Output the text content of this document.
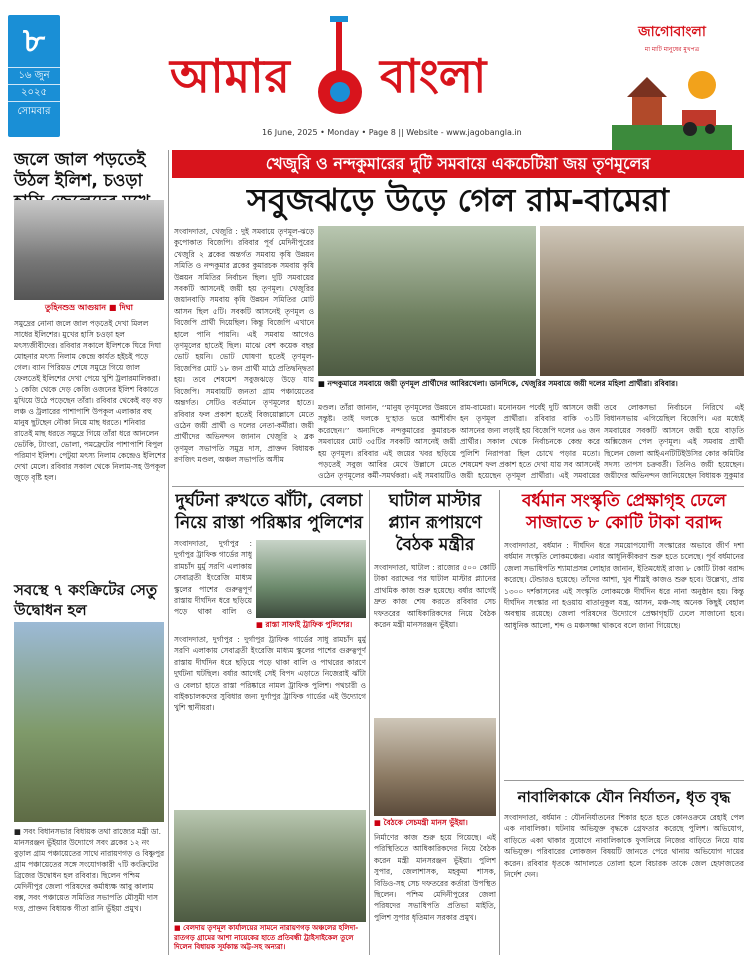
৮
১৬ জুন
২০২৫
সোমবার
আমার বাংলা
16 June, 2025 • Monday • Page 8 || Website - www.jagobangla.in
জাগোবাংলা
মা মাটি মানুষের মুখপত্র
জলে জাল পড়তেই উঠল ইলিশ, চওড়া
তুহিনশুভ্র আগুয়ান ■ দিঘা
সমুদ্রের নোনা জলে জাল পড়তেই দেখা মিলল সাধের ইলিশের। মুখের হাসি চওড়া হল মৎস্যজীবীদের। রবিবার সকালে ইলিশকে ঘিরে দিঘা মোহনার মৎস্য নিলাম কেন্দ্রে কার্যত হইচই পড়ে গেল। ব্যান পিরিয়ড শেষে সমুদ্রে গিয়ে জাল ফেলতেই ইলিশের দেখা পেয়ে খুশি ট্রলারমালিকরা। ১ কেজি থেকে দেড় কেজি ওজনের ইলিশ বিকাতে মুখিয়ে উঠে পড়েছেন তাঁরা। রবিবার থেকেই বড় বড় লঞ্চ ও ট্রলারের পাশাপাশি উপকূল এলাকার বহু মানুষ ছুটছেন নৌকা নিয়ে মাছ ধরতে। শনিবার রাতেই মাছ ধরতে সমুদ্রে গিয়ে তাঁরা ধরে আনলেন ভেটকি, ট্যাংরা, ভোলা, পমফ্রেটের পাশাপাশি বিপুল পরিমাণ ইলিশ। পেটুয়া মৎস্য নিলাম কেন্দ্রেও ইলিশের দেখা মেলে। রবিবার সকাল থেকে নিলাম-সহ উপকূল জুড়ে বৃষ্টি হল।
সবস্থে ৭ কংক্রিটের সেতু উদ্বোধন হল
■ সবং বিধানসভার বিধায়ক তথা রাজ্যের মন্ত্রী ডা. মানসরঞ্জন ভুঁইয়ার উদ্যোগে সবং ব্লকের ১২ নং বুড়াল গ্রাম পঞ্চায়েতের সাথে নারায়ণগড় ও বিষ্ণুপুর গ্রাম পঞ্চায়েতের সঙ্গে সংযোগকারী ৭টি কংক্রিটের ব্রিজের উদ্বোধন হল রবিবার। ছিলেন পশ্চিম মেদিনীপুর জেলা পরিষদের কর্মাধ্যক্ষ আবু কালাম বক্স, সবং পঞ্চায়েত সমিতির সভাপতি মৌসুমী দাস দত্ত, প্রাক্তন বিধায়ক গীতা রানি ভুঁইয়া প্রমুখ।
খেজুরি ও নন্দকুমারের দুটি সমবায়ে একচেটিয়া জয় তৃণমূলের
সবুজঝড়ে উড়ে গেল রাম-বামেরা
সংবাদদাতা, খেজুরি : দুই সমবায়ে তৃণমূল-ঝড়ে কুপোকাত বিজেপি। রবিবার পূর্ব মেদিনীপুরের খেজুরি ২ ব্লকের অন্তর্গত সমবায় কৃষি উন্নয়ন সমিতি ও নন্দকুমার ব্লকের কুমারচক সমবায় কৃষি উন্নয়ন সমিতির নির্বাচন ছিল। দুটি সমবায়ের সবকটি আসনেই জয়ী হয় তৃণমূল। খেজুরির জয়ানবাড়ি সমবায় কৃষি উন্নয়ন সমিতির মোট আসন ছিল ৫টি। সবকটি আসনেই তৃণমূল ও বিজেপি প্রার্থী দিয়েছিল। কিন্তু বিজেপি এখানে হালে পানি পায়নি। এই সমবায় আগেও তৃণমূলের হাতেই ছিল। মাঝে বেশ কয়েক বছর ভোট হয়নি। ভোট ঘোষণা হতেই তৃণমূল-বিজেপির মোট ১৮ জন প্রার্থী মাঠে প্রতিদ্বন্দ্বিতা হয়। তবে শেষমেশ সবুজঝড়ে উড়ে যায় বিজেপি। সমবায়টি জনতা গ্রাম পঞ্চায়েতের অন্তর্গত। সেটিও বর্তমানে তৃণমূলের হাতে। রবিবার ফল প্রকাশ হতেই বিজয়োল্লাসে মেতে ওঠেন জয়ী প্রার্থী ও দলের নেতা-কর্মীরা। জয়ী প্রার্থীদের অভিনন্দন জানান খেজুরি ২ ব্লক তৃণমূল সভাপতি সমুদ্র দাস, প্রাক্তন বিধায়ক রণজিৎ মণ্ডল, অঞ্চল সভাপতি অসীম
■ নন্দকুমারে সমবায়ে জয়ী তৃণমূল প্রার্থীদের আবিরখেলা। ডানদিকে, খেজুরির সমবায়ে জয়ী দলের মহিলা প্রার্থীরা। রবিবার।
মণ্ডল। তাঁরা জানান, ‘‘মানুষ তৃণমূলের উন্নয়নে সন্তুষ্ট। তাই দলকে দু’হাত ভরে আশীর্বাদ করেছেন।’’ অন্যদিকে নন্দকুমারের কুমারচক সমবায়ের মোট ৩৫টির সবকটি আসনেই জয়ী হয় তৃণমূল। রবিবার এই জয়ের খবর ছড়িয়ে পড়তেই সবুজ আবির মেখে উল্লাসে মেতে ওঠেন তৃণমূলের কর্মী-সমর্থকরা। এই সমবায়টিও
রাম-বামেরা। মনোনয়ন পর্বেই দুটি আসনে জয়ী হন তৃণমূল প্রার্থীরা। রবিবার বাকি ৩১টি আসনের জন্য লড়াই হয় বিজেপি দলের ৬৪ জন প্রার্থীর। সকাল থেকে নির্বাচনকে কেন্দ্র করে পুলিশি নিরাপত্তা ছিল চোখে পড়ার মতো। শেষমেশ ফল প্রকাশ হতে দেখা যায় সব আসনেই জয়ী হয়েছেন তৃণমূল প্রার্থীরা। এই সমবায়ের
তবে লোকসভা নির্বাচনে নিরিখে এই বিধানসভায় এগিয়েছিল বিজেপি। এর মধ্যেই সমবায়ের সবকটি আসনে জয়ী হয়ে বাড়তি অক্সিজেন পেল তৃণমূল। এই সমবায় প্রার্থী ছিলেন জেলা আইএনটিটিইউসির কোর কমিটির সদস্য তাপস চক্রবর্তী। তিনিও জয়ী হয়েছেন। জয়ীদের অভিনন্দন জানিয়েছেন বিধায়ক সুকুমার
দুর্ঘটনা রুখতে ঝাঁটা, বেলচা নিয়ে রাস্তা পরিষ্কার পুলিশের
সংবাদদাতা, দুর্গাপুর : দুর্গাপুর ট্রাফিক গার্ডের সাধু রামচাঁদ মুর্মু সরণি এলাকায় সেবাব্রতী ইংরেজি মাধ্যম স্কুলের পাশের গুরুত্বপূর্ণ রাস্তায় দীর্ঘদিন ধরে ছড়িয়ে পড়ে থাকা বালি ও
■ রাস্তা সাফাই ট্রাফিক পুলিশের।
সংবাদদাতা, দুর্গাপুর : দুর্গাপুর ট্রাফিক গার্ডের সাধু রামচাঁদ মুর্মু সরণি এলাকায় সেবাব্রতী ইংরেজি মাধ্যম স্কুলের পাশের গুরুত্বপূর্ণ রাস্তায় দীর্ঘদিন ধরে ছড়িয়ে পড়ে থাকা বালি ও পাথরের কারণে দুর্ঘটনা ঘটছিল। বর্ষার আগেই সেই বিপদ এড়াতে নিজেরাই ঝাঁটা ও বেলচা হাতে রাস্তা পরিষ্কারে নামল ট্রাফিক পুলিশ। পথচারী ও বাইকচালকদের সুবিধার জন্য দুর্গাপুর ট্রাফিক গার্ডের এই উদ্যোগে খুশি স্থানীয়রা।
■ বেলদায় তৃণমূল কার্যালয়ের সামনে নারায়ণগড় অঞ্চলের হলিদা-রাতগড় গ্রামের আশা নায়েকের হাতে প্রতিবন্ধী ট্রাইসাইকেল তুলে দিলেন বিধায়ক সূর্যকান্ত অট্ট-সহ অন্যরা।
ঘাটাল মাস্টার প্ল্যান রূপায়ণে বৈঠক মন্ত্রীর
সংবাদদাতা, ঘাটাল : রাজ্যের ৫০০ কোটি টাকা বরাদ্দের পর ঘাটাল মাস্টার প্ল্যানের প্রাথমিক কাজ শুরু হয়েছে। বর্ষার আগেই দ্রুত কাজ শেষ করতে রবিবার সেচ দফতরের আধিকারিকদের নিয়ে বৈঠক করেন মন্ত্রী মানসরঞ্জন ভুঁইয়া।
■ বৈঠকে সেচমন্ত্রী মানস ভুঁইয়া।
নির্মাণের কাজ শুরু হয়ে গিয়েছে। এই পরিস্থিতিতে আধিকারিকদের নিয়ে বৈঠক করেন মন্ত্রী মানসরঞ্জন ভুঁইয়া। পুলিশ সুপার, জেলাশাসক, মহকুমা শাসক, বিডিও-সহ সেচ দফতরের কর্তারা উপস্থিত ছিলেন। পশ্চিম মেদিনীপুরের জেলা পরিষদের সভাধিপতি প্রতিভা মাইতি, পুলিশ সুপার ধৃতিমান সরকার প্রমুখ।
বর্ধমান সংস্কৃতি প্রেক্ষাগৃহ ঢেলে সাজাতে ৮ কোটি টাকা বরাদ্দ
সংবাদদাতা, বর্ধমান : দীর্ঘদিন ধরে সময়োপযোগী সংস্কারের অভাবে জীর্ণ দশা বর্ধমান সংস্কৃতি লোকমঞ্চের। এবার আধুনিকীকরণ শুরু হতে চলেছে। পূর্ব বর্ধমানের জেলা সভাধিপতি শ্যামাপ্রসন্ন লোহার জানান, ইতিমধ্যেই রাজ্য ৮ কোটি টাকা বরাদ্দ করেছে। টেন্ডারও হয়েছে। তাঁদের আশা, খুব শীঘ্রই কাজও শুরু হবে। উল্লেখ্য, প্রায় ১৩০০ দর্শকাসনের এই সংস্কৃতি লোকমঞ্চে দীর্ঘদিন ধরে নানা অনুষ্ঠান হয়। কিন্তু দীর্ঘদিন সংস্কার না হওয়ায় বাতানুকূল যন্ত্র, আসন, মঞ্চ-সহ অনেক কিছুই বেহাল অবস্থায় রয়েছে। জেলা পরিষদের উদ্যোগে প্রেক্ষাগৃহটি ঢেলে সাজানো হবে। আধুনিক আলো, শব্দ ও মঞ্চসজ্জা থাকবে বলে জানা গিয়েছে।
নাবালিকাকে যৌন নির্যাতন, ধৃত বৃদ্ধ
সংবাদদাতা, বর্ধমান : যৌননির্যাতনের শিকার হতে হতে কোনওক্রমে রেহাই পেল এক নাবালিকা। ঘটনায় অভিযুক্ত বৃদ্ধকে গ্রেফতার করেছে পুলিশ। অভিযোগ, বাড়িতে একা থাকার সুযোগে নাবালিকাকে ফুসলিয়ে নিজের বাড়িতে নিয়ে যায় অভিযুক্ত। পরিবারের লোকজন বিষয়টি জানতে পেরে থানায় অভিযোগ দায়ের করেন। রবিবার ধৃতকে আদালতে তোলা হলে বিচারক তাকে জেল হেফাজতের নির্দেশ দেন।
